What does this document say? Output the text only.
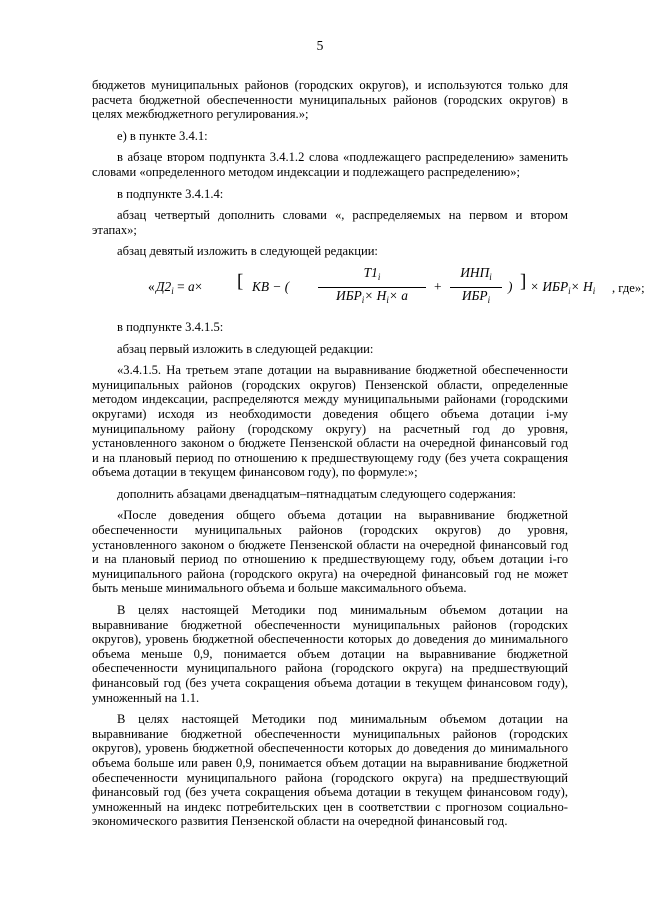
5

бюджетов муниципальных районов (городских округов), и используются только для расчета бюджетной обеспеченности муниципальных районов (городских округов) в целях межбюджетного регулирования.»;

е) в пункте 3.4.1:

в абзаце втором подпункта 3.4.1.2 слова «подлежащего распределению» заменить словами «определенного методом индексации и подлежащего распределению»;

в подпункте 3.4.1.4:

абзац четвертый дополнить словами «, распределяемых на первом и втором этапах»;

абзац девятый изложить в следующей редакции:

« $Д2_i = a\times$ [ КВ − (
$Т1_i$
$ИБР_i\times Н_i\times a$
+
$ИНП_i$
$ИБР_i$
) ] × $ИБР_i\times Н_i$ , где»;

в подпункте 3.4.1.5:

абзац первый изложить в следующей редакции:

«3.4.1.5. На третьем этапе дотации на выравнивание бюджетной обеспеченности муниципальных районов (городских округов) Пензенской области, определенные методом индексации, распределяются между муниципальными районами (городскими округами) исходя из необходимости доведения общего объема дотации i-му муниципальному району (городскому округу) на расчетный год до уровня, установленного законом о бюджете Пензенской области на очередной финансовый год и на плановый период по отношению к предшествующему году (без учета сокращения объема дотации в текущем финансовом году), по формуле:»;

дополнить абзацами двенадцатым–пятнадцатым следующего содержания:

«После доведения общего объема дотации на выравнивание бюджетной обеспеченности муниципальных районов (городских округов) до уровня, установленного законом о бюджете Пензенской области на очередной финансовый год и на плановый период по отношению к предшествующему году, объем дотации i-го муниципального района (городского округа) на очередной финансовый год не может быть меньше минимального объема и больше максимального объема.

В целях настоящей Методики под минимальным объемом дотации на выравнивание бюджетной обеспеченности муниципальных районов (городских округов), уровень бюджетной обеспеченности которых до доведения до минимального объема меньше 0,9, понимается объем дотации на выравнивание бюджетной обеспеченности муниципального района (городского округа) на предшествующий финансовый год (без учета сокращения объема дотации в текущем финансовом году), умноженный на 1.1.

В целях настоящей Методики под минимальным объемом дотации на выравнивание бюджетной обеспеченности муниципальных районов (городских округов), уровень бюджетной обеспеченности которых до доведения до минимального объема больше или равен 0,9, понимается объем дотации на выравнивание бюджетной обеспеченности муниципального района (городского округа) на предшествующий финансовый год (без учета сокращения объема дотации в текущем финансовом году), умноженный на индекс потребительских цен в соответствии с прогнозом социально-экономического развития Пензенской области на очередной финансовый год.
